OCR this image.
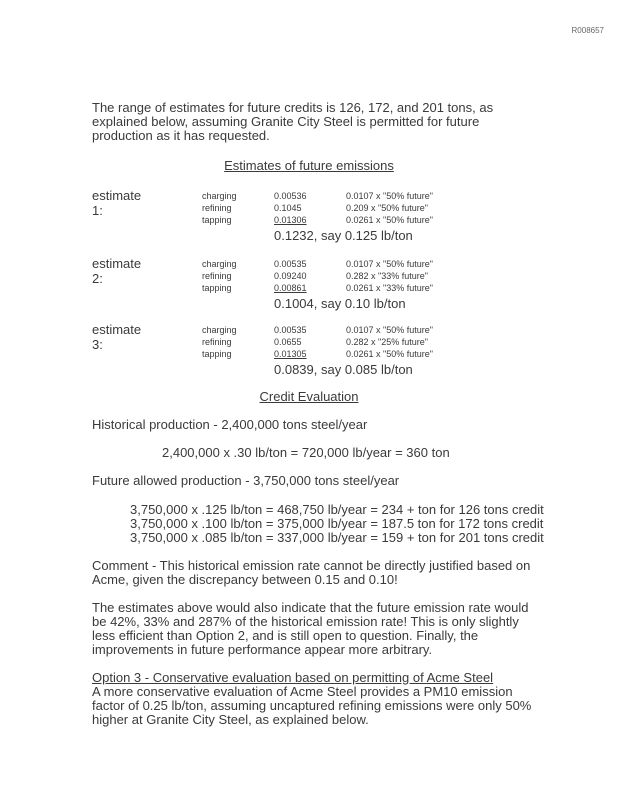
R008657

The range of estimates for future credits is 126, 172, and 201 tons, as explained below, assuming Granite City Steel is permitted for future production as it has requested.

Estimates of future emissions
estimate 1:
charging	0.00536	0.0107 x "50% future"
refining	0.1045	0.209 x "50% future"
tapping	0.01306	0.0261 x "50% future"
0.1232, say 0.125 lb/ton
estimate 2:
charging	0.00535	0.0107 x "50% future"
refining	0.09240	0.282 x "33% future"
tapping	0.00861	0.0261 x "33% future"
0.1004, say 0.10 lb/ton
estimate 3:
charging	0.00535	0.0107 x "50% future"
refining	0.0655	0.282 x "25% future"
tapping	0.01305	0.0261 x "50% future"
0.0839, say 0.085 lb/ton
Credit Evaluation
Historical production - 2,400,000 tons steel/year
2,400,000 x .30 lb/ton = 720,000 lb/year = 360 ton
Future allowed production - 3,750,000 tons steel/year
3,750,000 x .125 lb/ton = 468,750 lb/year = 234 + ton for 126 tons credit
3,750,000 x .100 lb/ton = 375,000 lb/year = 187.5 ton for 172 tons credit
3,750,000 x .085 lb/ton = 337,000 lb/year = 159 + ton for 201 tons credit

Comment - This historical emission rate cannot be directly justified based on Acme, given the discrepancy between 0.15 and 0.10!

The estimates above would also indicate that the future emission rate would be 42%, 33% and 287% of the historical emission rate! This is only slightly less efficient than Option 2, and is still open to question. Finally, the improvements in future performance appear more arbitrary.

Option 3 - Conservative evaluation based on permitting of Acme Steel
A more conservative evaluation of Acme Steel provides a PM10 emission factor of 0.25 lb/ton, assuming uncaptured refining emissions were only 50% higher at Granite City Steel, as explained below.
